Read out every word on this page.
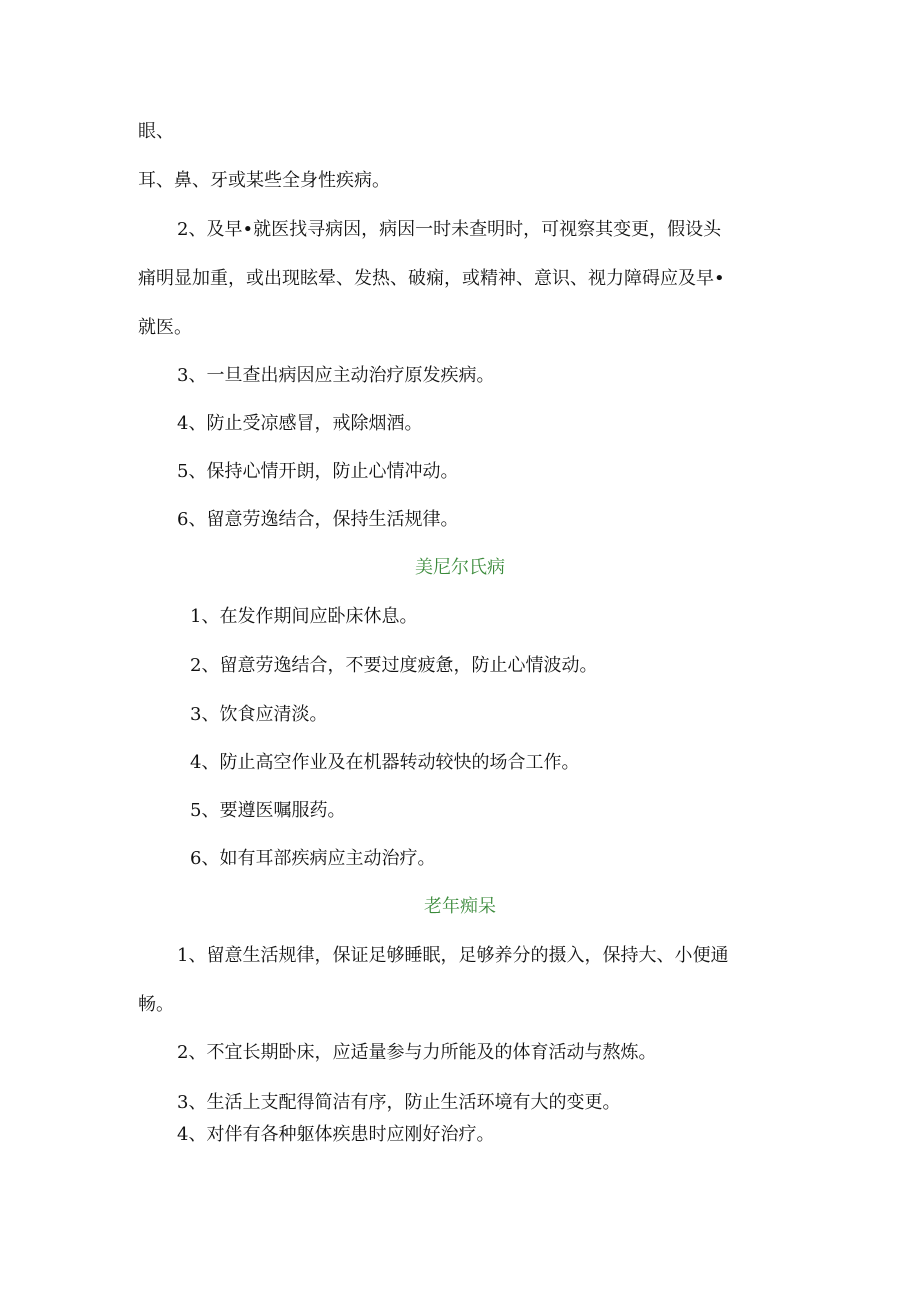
眼、

耳、鼻、牙或某些全身性疾病。

2、及早•就医找寻病因，病因一时未查明时，可视察其变更，假设头

痛明显加重，或出现眩晕、发热、破痫，或精神、意识、视力障碍应及早•

就医。

3、一旦查出病因应主动治疗原发疾病。

4、防止受凉感冒，戒除烟酒。

5、保持心情开朗，防止心情冲动。

6、留意劳逸结合，保持生活规律。

美尼尔氏病

1、在发作期间应卧床休息。

2、留意劳逸结合，不要过度疲惫，防止心情波动。

3、饮食应清淡。

4、防止高空作业及在机器转动较快的场合工作。

5、要遵医嘱服药。

6、如有耳部疾病应主动治疗。

老年痴呆

1、留意生活规律，保证足够睡眠，足够养分的摄入，保持大、小便通

畅。

2、不宜长期卧床，应适量参与力所能及的体育活动与熬炼。

3、生活上支配得简洁有序，防止生活环境有大的变更。

4、对伴有各种躯体疾患时应刚好治疗。
